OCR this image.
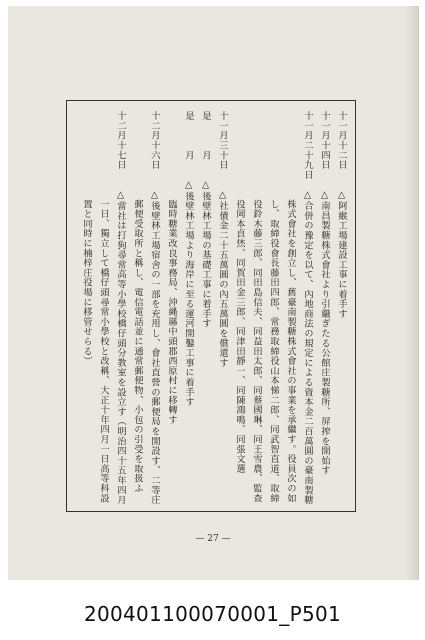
十一月十二日　　△阿緱工場建設工事に着手す
十一月十四日　　△南昌製糖株式會社より引繼ぎたる公館庄製糖所、屏搾を開始す
十一月二十九日　△合併の豫定を以て、內地商法の規定による資本金二百萬圓の臺南製糖
　　　　　　　　　株式會社を創立し、舊臺南製糖株式會社の事業を承繼す。役員次の如
　　　　　　　　　し、取締役會長藤田四郎、常務取締役山本悌二郎、同武智直道、取締
　　　　　　　　　役鈴木藤三郎、同田島信夫、同益田太郎、同蔡國琳、同王雪農、監查
　　　　　　　　　役岡本貞烋、同賀田金三郎、同津田靜一、同陳鴻鳴、同張文選
十一月三十日　　△社債金二十五萬圓の內五萬圓を償還す
是　　　月　　△後壁林工場の基礎工事に着手す
是　　　月　　△後壁林工場より海岸に至る運河開鑿工事に着手す
　　　　　　　　　臨時糖業改良事務局、沖縄縣中頭郡西原村に移轉す
十二月十六日　　△後壁林工場宿舍の一部を充用し、會社直營の郵便局を開設す、二等庄
　　　　　　　　　郵便受取所と稱し、電信電話並に通常郵便物、小包の引受を取扱ふ
十二月十七日　　△當社は打狗尋常高等小學校橋仔頭分教室を設立す（明治四十五年四月
　　　　　　　　　一日、獨立して橋仔頭尋常小學校と改稱、大正十年四月一日高等科設
　　　　　　　　　置と同時に楠梓庄役場に移管せらる）
— 27 —
200401100070001_P501
